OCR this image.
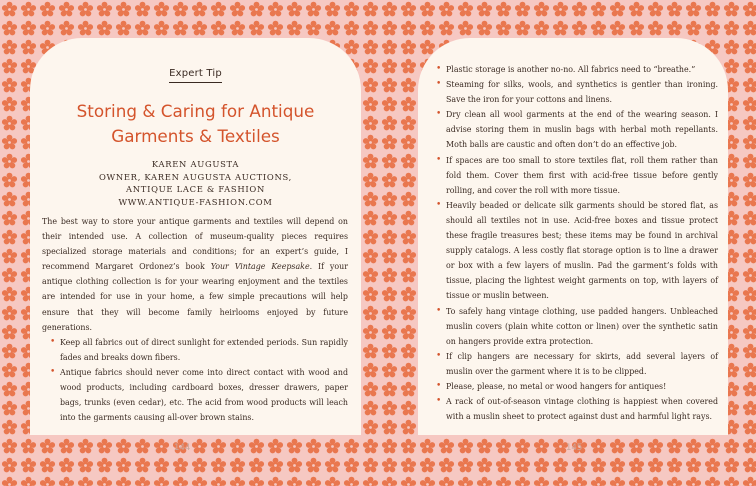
Expert Tip
Storing & Caring for Antique
Garments & Textiles
KAREN AUGUSTA
OWNER, KAREN AUGUSTA AUCTIONS,
ANTIQUE LACE & FASHION
WWW.ANTIQUE-FASHION.COM

The best way to store your antique garments and textiles will depend on their intended use. A collection of museum-quality pieces requires specialized storage materials and conditions; for an expert’s guide, I recommend Margaret Ordonez’s book Your Vintage Keepsake. If your antique clothing collection is for your wearing enjoyment and the textiles are intended for use in your home, a few simple precautions will help ensure that they will become family heirlooms enjoyed by future generations.

• Keep all fabrics out of direct sunlight for extended periods. Sun rapidly fades and breaks down fibers.
• Antique fabrics should never come into direct contact with wood and wood products, including cardboard boxes, dresser drawers, paper bags, trunks (even cedar), etc. The acid from wood products will leach into the garments causing all-over brown stains.
• Plastic storage is another no-no. All fabrics need to “breathe.”
• Steaming for silks, wools, and synthetics is gentler than ironing. Save the iron for your cottons and linens.
• Dry clean all wool garments at the end of the wearing season. I advise storing them in muslin bags with herbal moth repellants. Moth balls are caustic and often don’t do an effective job.
• If spaces are too small to store textiles flat, roll them rather than fold them. Cover them first with acid-free tissue before gently rolling, and cover the roll with more tissue.
• Heavily beaded or delicate silk garments should be stored flat, as should all textiles not in use. Acid-free boxes and tissue protect these fragile treasures best; these items may be found in archival supply catalogs. A less costly flat storage option is to line a drawer or box with a few layers of muslin. Pad the garment’s folds with tissue, placing the lightest weight garments on top, with layers of tissue or muslin between.
• To safely hang vintage clothing, use padded hangers. Unbleached muslin covers (plain white cotton or linen) over the synthetic satin on hangers provide extra protection.
• If clip hangers are necessary for skirts, add several layers of muslin over the garment where it is to be clipped.
• Please, please, no metal or wood hangers for antiques!
• A rack of out-of-season vintage clothing is happiest when covered with a muslin sheet to protect against dust and harmful light rays.
144	145
